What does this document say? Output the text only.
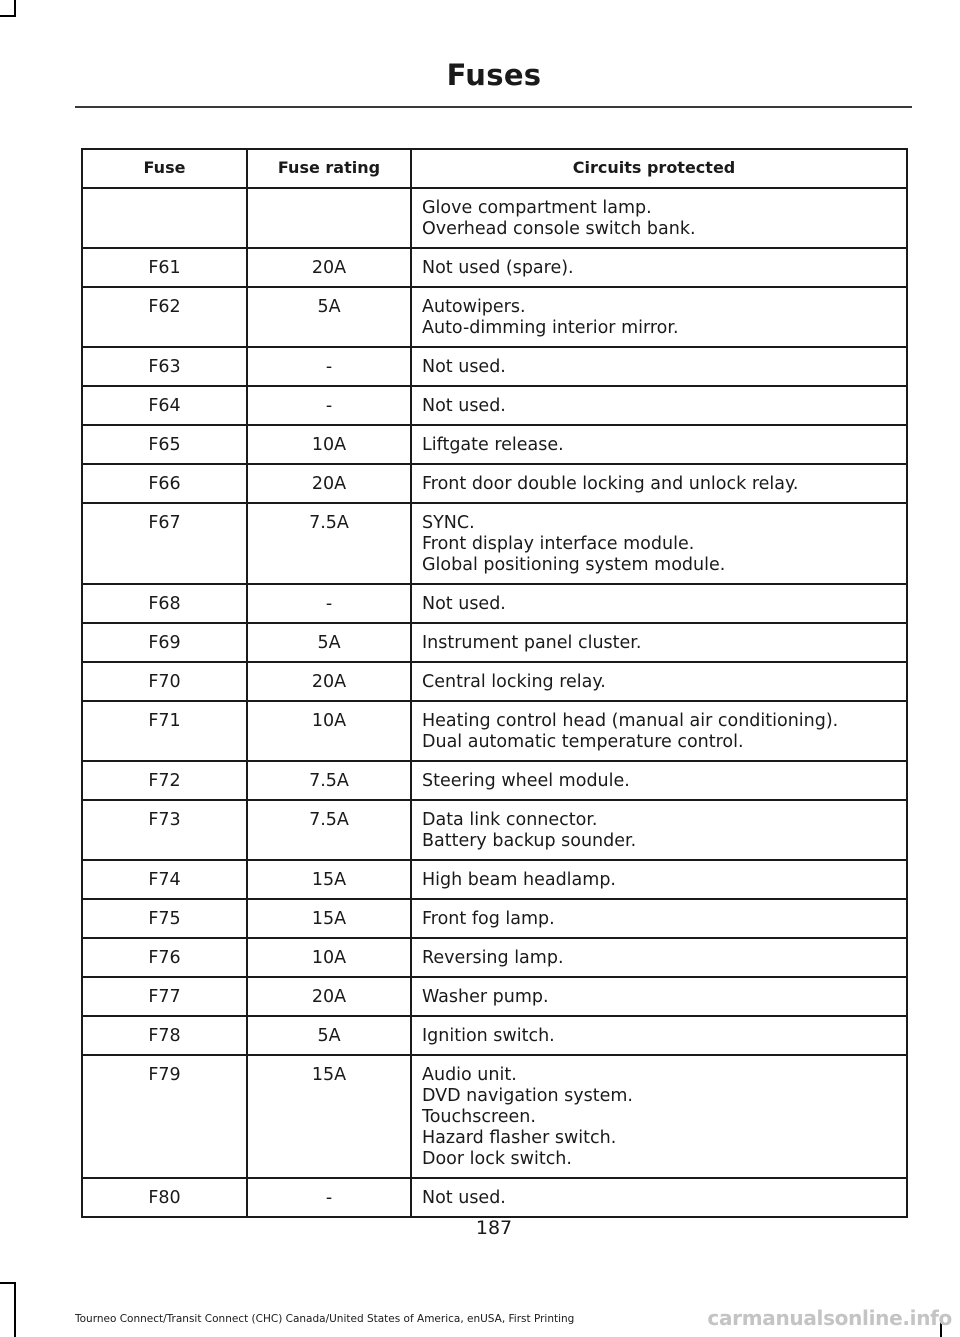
Fuses
Fuse	Fuse rating	Circuits protected

		Glove compartment lamp.
Overhead console switch bank.

F61	20A	Not used (spare).

F62	5A	Autowipers.
Auto-dimming interior mirror.

F63	-	Not used.

F64	-	Not used.

F65	10A	Liftgate release.

F66	20A	Front door double locking and unlock relay.

F67	7.5A	SYNC.
Front display interface module.
Global positioning system module.

F68	-	Not used.

F69	5A	Instrument panel cluster.

F70	20A	Central locking relay.

F71	10A	Heating control head (manual air conditioning).
Dual automatic temperature control.

F72	7.5A	Steering wheel module.

F73	7.5A	Data link connector.
Battery backup sounder.

F74	15A	High beam headlamp.

F75	15A	Front fog lamp.

F76	10A	Reversing lamp.

F77	20A	Washer pump.

F78	5A	Ignition switch.

F79	15A	Audio unit.
DVD navigation system.
Touchscreen.
Hazard flasher switch.
Door lock switch.

F80	-	Not used.
187
Tourneo Connect/Transit Connect (CHC) Canada/United States of America, enUSA, First Printing	carmanualsonline.info
